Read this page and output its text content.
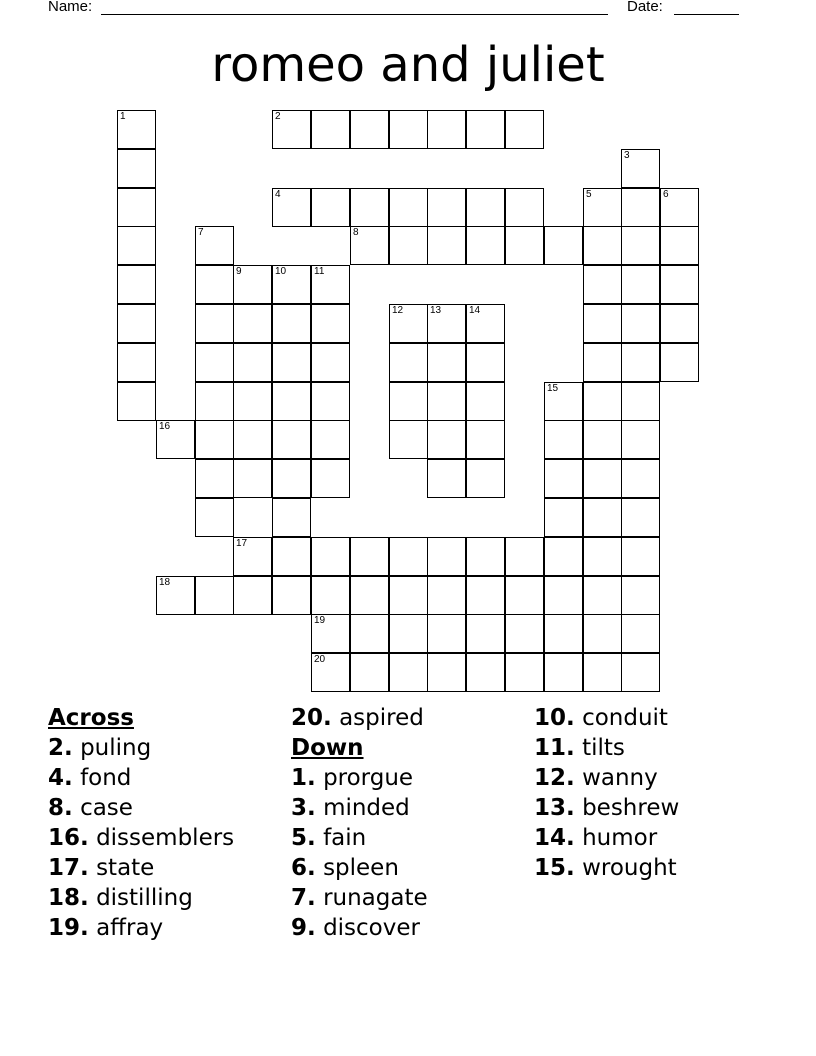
Name:	Date:
romeo and juliet
1	2
3
4	5	6
7	8
9	10	11
12	13	14
15
16
17
18
19
20
Across
2. puling
4. fond
8. case
16. dissemblers
17. state
18. distilling
19. affray
20. aspired
Down
1. prorgue
3. minded
5. fain
6. spleen
7. runagate
9. discover
10. conduit
11. tilts
12. wanny
13. beshrew
14. humor
15. wrought
